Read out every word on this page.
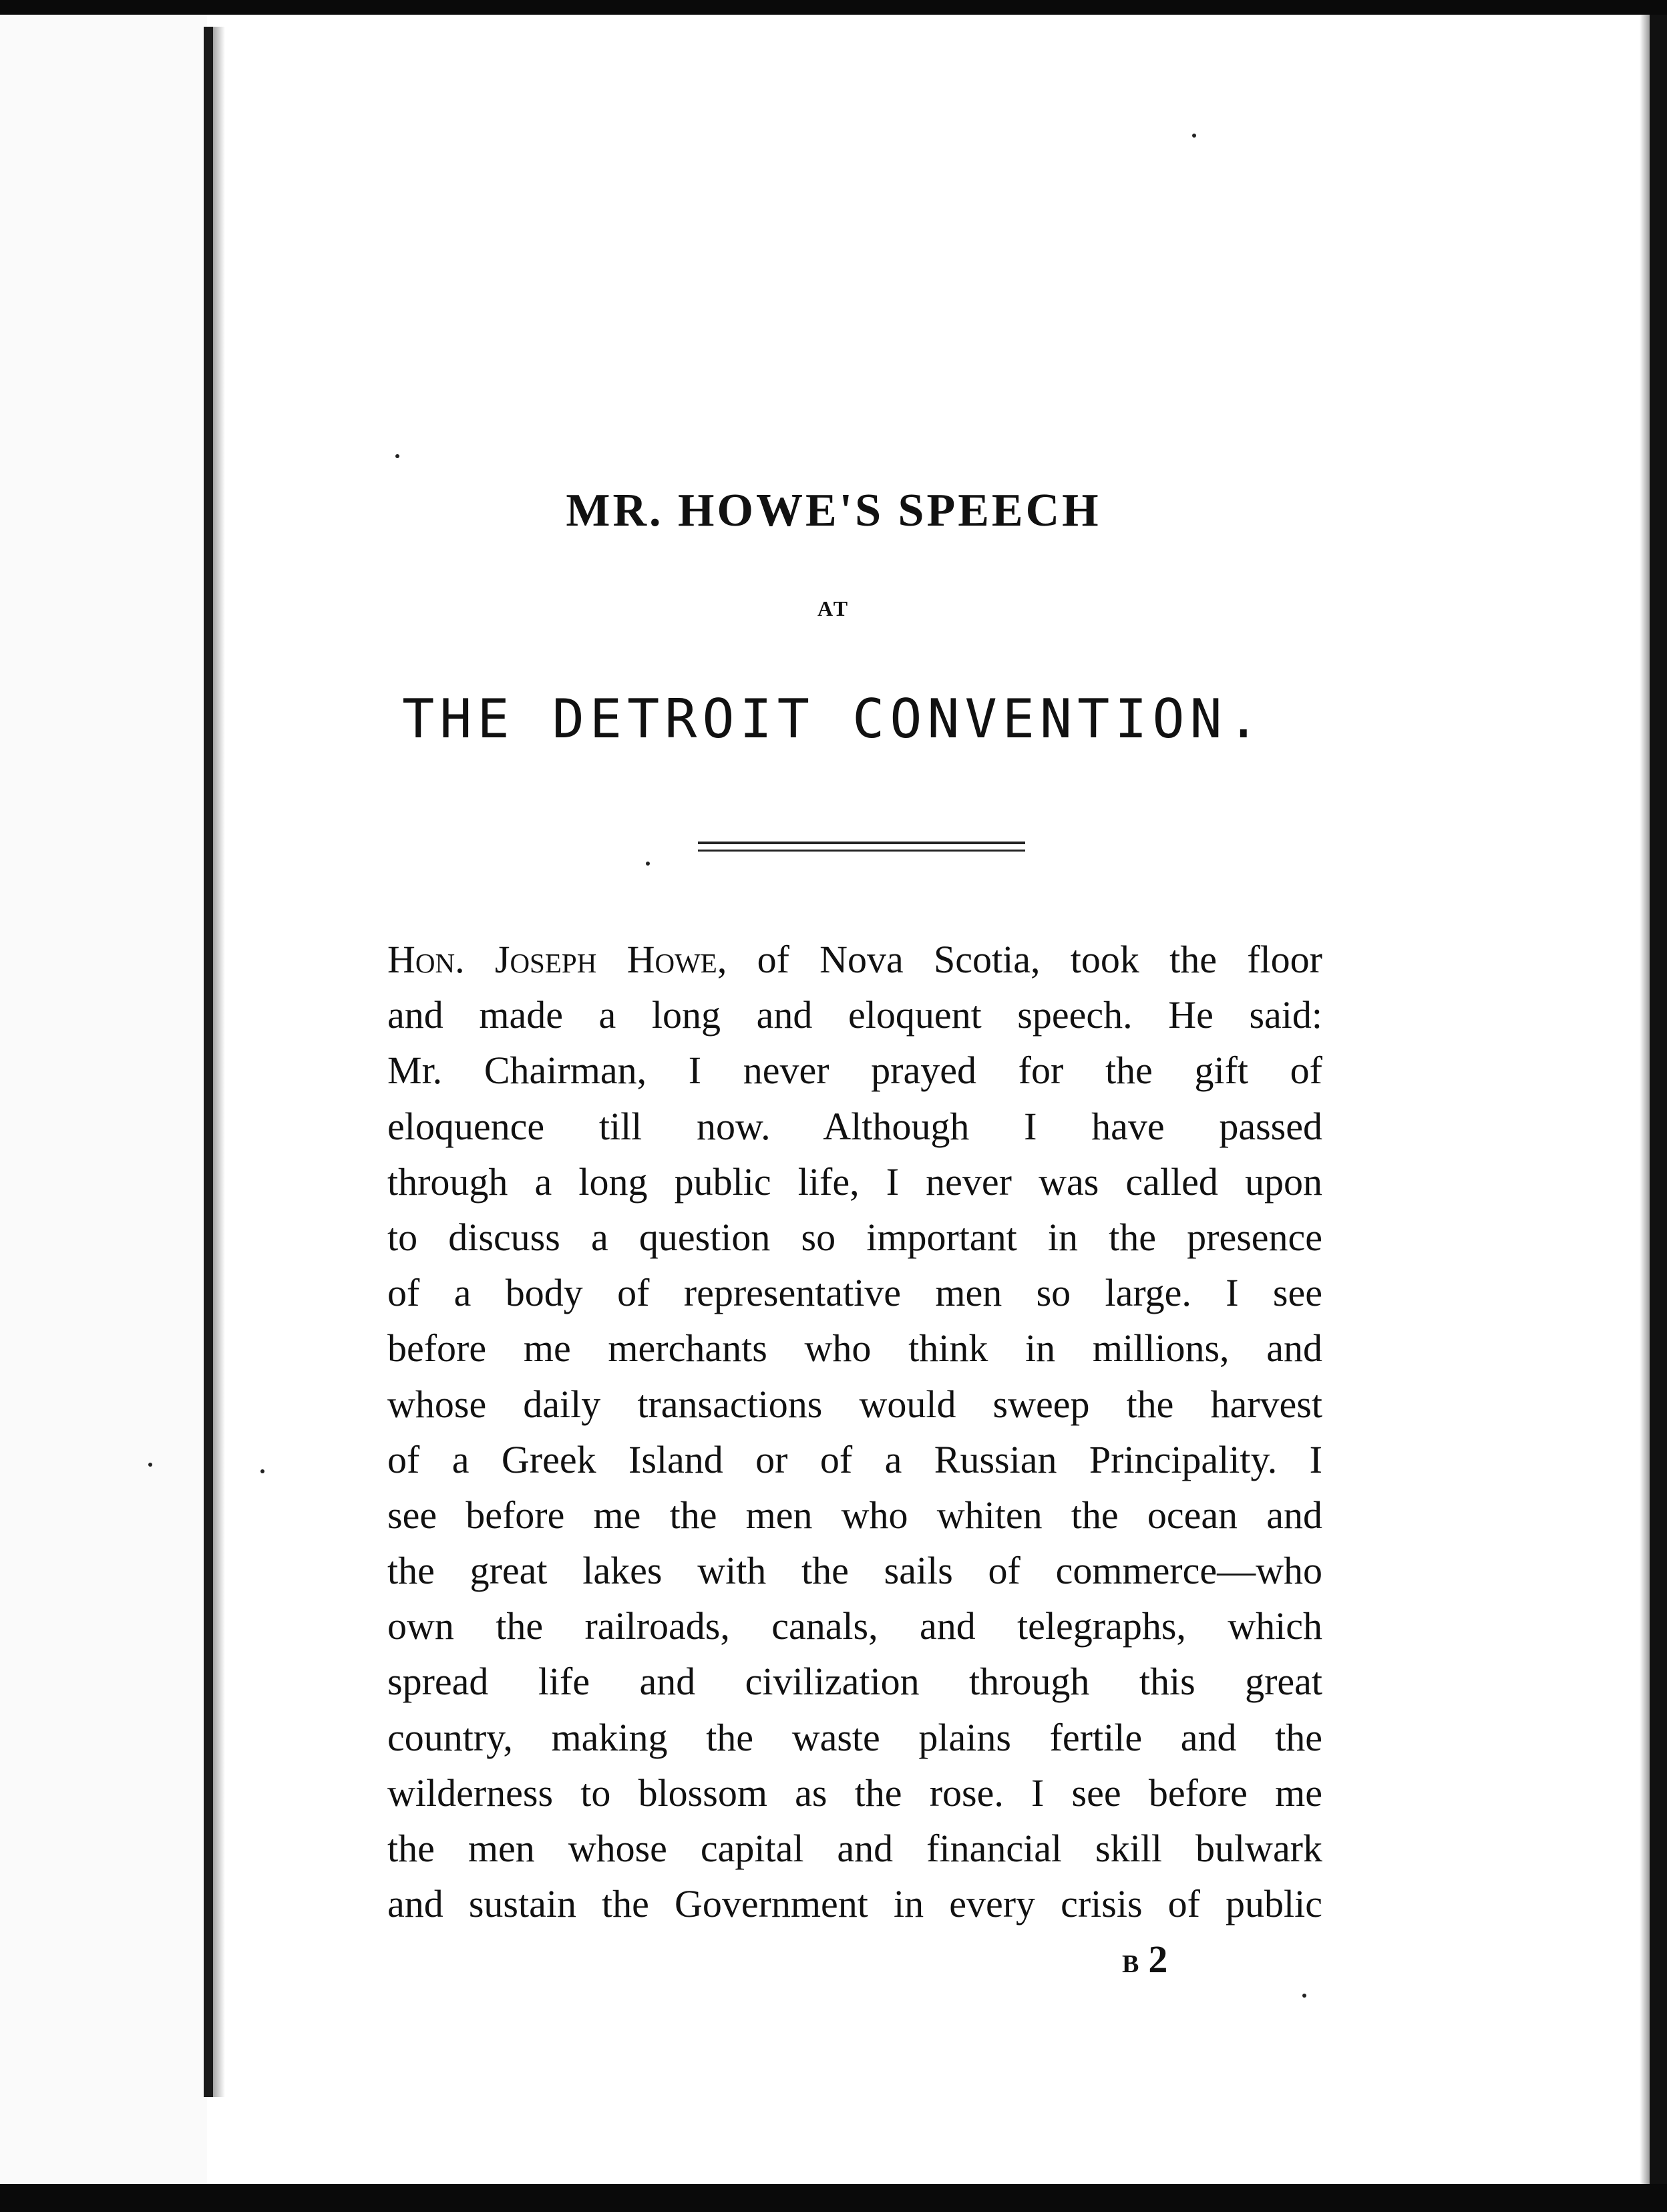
MR. HOWE'S SPEECH
AT
THE DETROIT CONVENTION.
Hon. Joseph Howe, of Nova Scotia, took the floor
and made a long and eloquent speech. He said:
Mr. Chairman, I never prayed for the gift of
eloquence till now. Although I have passed
through a long public life, I never was called upon
to discuss a question so important in the presence
of a body of representative men so large. I see
before me merchants who think in millions, and
whose daily transactions would sweep the harvest
of a Greek Island or of a Russian Principality. I
see before me the men who whiten the ocean and
the great lakes with the sails of commerce—who
own the railroads, canals, and telegraphs, which
spread life and civilization through this great
country, making the waste plains fertile and the
wilderness to blossom as the rose. I see before me
the men whose capital and financial skill bulwark
and sustain the Government in every crisis of public
B 2
